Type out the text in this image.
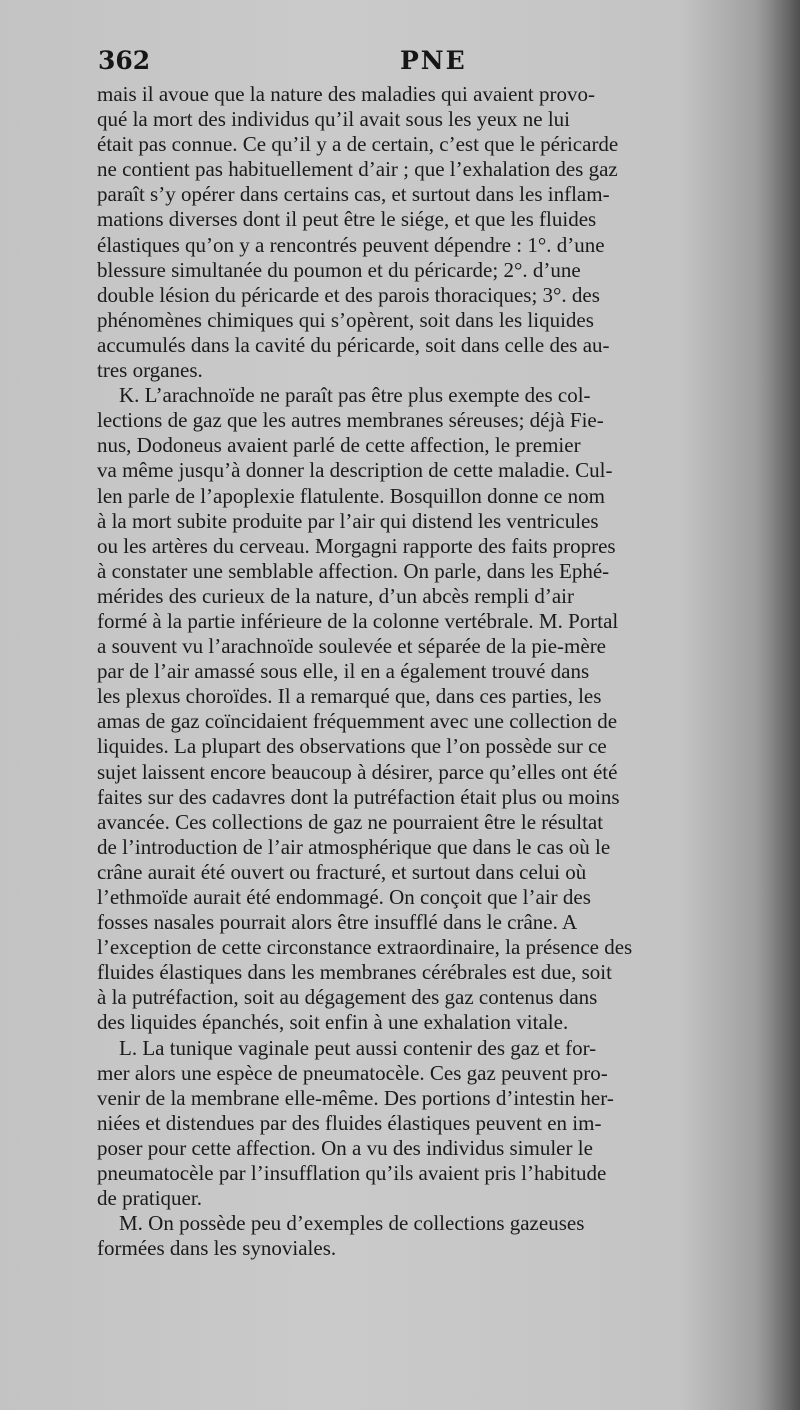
362	PNE
mais il avoue que la nature des maladies qui avaient provo-
qué la mort des individus qu’il avait sous les yeux ne lui
était pas connue. Ce qu’il y a de certain, c’est que le péricarde
ne contient pas habituellement d’air ; que l’exhalation des gaz
paraît s’y opérer dans certains cas, et surtout dans les inflam-
mations diverses dont il peut être le siége, et que les fluides
élastiques qu’on y a rencontrés peuvent dépendre : 1°. d’une
blessure simultanée du poumon et du péricarde; 2°. d’une
double lésion du péricarde et des parois thoraciques; 3°. des
phénomènes chimiques qui s’opèrent, soit dans les liquides
accumulés dans la cavité du péricarde, soit dans celle des au-
tres organes.
K. L’arachnoïde ne paraît pas être plus exempte des col-
lections de gaz que les autres membranes séreuses; déjà Fie-
nus, Dodoneus avaient parlé de cette affection, le premier
va même jusqu’à donner la description de cette maladie. Cul-
len parle de l’apoplexie flatulente. Bosquillon donne ce nom
à la mort subite produite par l’air qui distend les ventricules
ou les artères du cerveau. Morgagni rapporte des faits propres
à constater une semblable affection. On parle, dans les Ephé-
mérides des curieux de la nature, d’un abcès rempli d’air
formé à la partie inférieure de la colonne vertébrale. M. Portal
a souvent vu l’arachnoïde soulevée et séparée de la pie-mère
par de l’air amassé sous elle, il en a également trouvé dans
les plexus choroïdes. Il a remarqué que, dans ces parties, les
amas de gaz coïncidaient fréquemment avec une collection de
liquides. La plupart des observations que l’on possède sur ce
sujet laissent encore beaucoup à désirer, parce qu’elles ont été
faites sur des cadavres dont la putréfaction était plus ou moins
avancée. Ces collections de gaz ne pourraient être le résultat
de l’introduction de l’air atmosphérique que dans le cas où le
crâne aurait été ouvert ou fracturé, et surtout dans celui où
l’ethmoïde aurait été endommagé. On conçoit que l’air des
fosses nasales pourrait alors être insufflé dans le crâne. A
l’exception de cette circonstance extraordinaire, la présence des
fluides élastiques dans les membranes cérébrales est due, soit
à la putréfaction, soit au dégagement des gaz contenus dans
des liquides épanchés, soit enfin à une exhalation vitale.
L. La tunique vaginale peut aussi contenir des gaz et for-
mer alors une espèce de pneumatocèle. Ces gaz peuvent pro-
venir de la membrane elle-même. Des portions d’intestin her-
niées et distendues par des fluides élastiques peuvent en im-
poser pour cette affection. On a vu des individus simuler le
pneumatocèle par l’insufflation qu’ils avaient pris l’habitude
de pratiquer.
M. On possède peu d’exemples de collections gazeuses
formées dans les synoviales.
